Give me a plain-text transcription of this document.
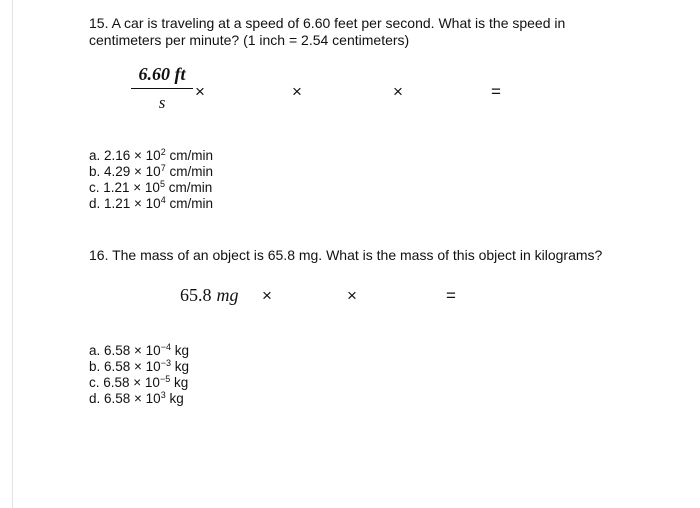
15. A car is traveling at a speed of 6.60 feet per second. What is the speed in
centimeters per minute? (1 inch = 2.54 centimeters)
6.60 ft
s
×	×	×	=
a. $2.16 \times 10^2$ cm/min
b. $4.29 \times 10^7$ cm/min
c. $1.21 \times 10^5$ cm/min
d. $1.21 \times 10^4$ cm/min
16. The mass of an object is 65.8 mg. What is the mass of this object in kilograms?
65.8 mg ×	×	=
a. $6.58 \times 10^{-4}$ kg
b. $6.58 \times 10^{-3}$ kg
c. $6.58 \times 10^{-5}$ kg
d. $6.58 \times 10^3$ kg
